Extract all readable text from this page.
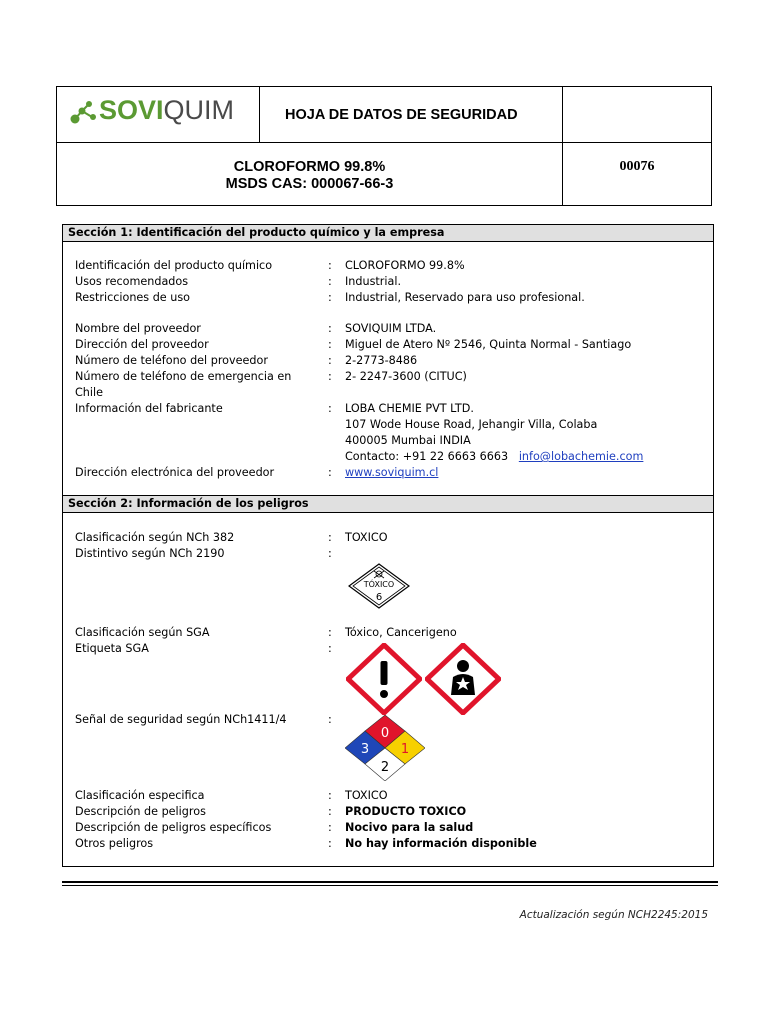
SOVIQUIM	HOJA DE DATOS DE SEGURIDAD
CLOROFORMO 99.8%
MSDS CAS: 000067-66-3
00076
Sección 1: Identificación del producto químico y la empresa
Identificación del producto químico	: CLOROFORMO 99.8%
Usos recomendados	: Industrial.
Restricciones de uso	: Industrial, Reservado para uso profesional.
Nombre del proveedor	: SOVIQUIM LTDA.
Dirección del proveedor	: Miguel de Atero Nº 2546, Quinta Normal - Santiago
Número de teléfono del proveedor	: 2-2773-8486
Número de teléfono de emergencia en Chile
: 2- 2247-3600 (CITUC)
Información del fabricante	: LOBA CHEMIE PVT LTD.
107 Wode House Road, Jehangir Villa, Colaba
400005 Mumbai INDIA
Contacto: +91 22 6663 6663 info@lobachemie.com
Dirección electrónica del proveedor	: www.soviquim.cl
Sección 2: Información de los peligros
Clasificación según NCh 382	: TOXICO
Distintivo según NCh 2190	:
TÓXICO
6
Clasificación según SGA	: Tóxico, Cancerigeno
Etiqueta SGA	:
Señal de seguridad según NCh1411/4	:
0
3 1
2
Clasificación especifica	: TOXICO
Descripción de peligros	: PRODUCTO TOXICO
Descripción de peligros específicos	: Nocivo para la salud
Otros peligros	: No hay información disponible
Actualización según NCH2245:2015
